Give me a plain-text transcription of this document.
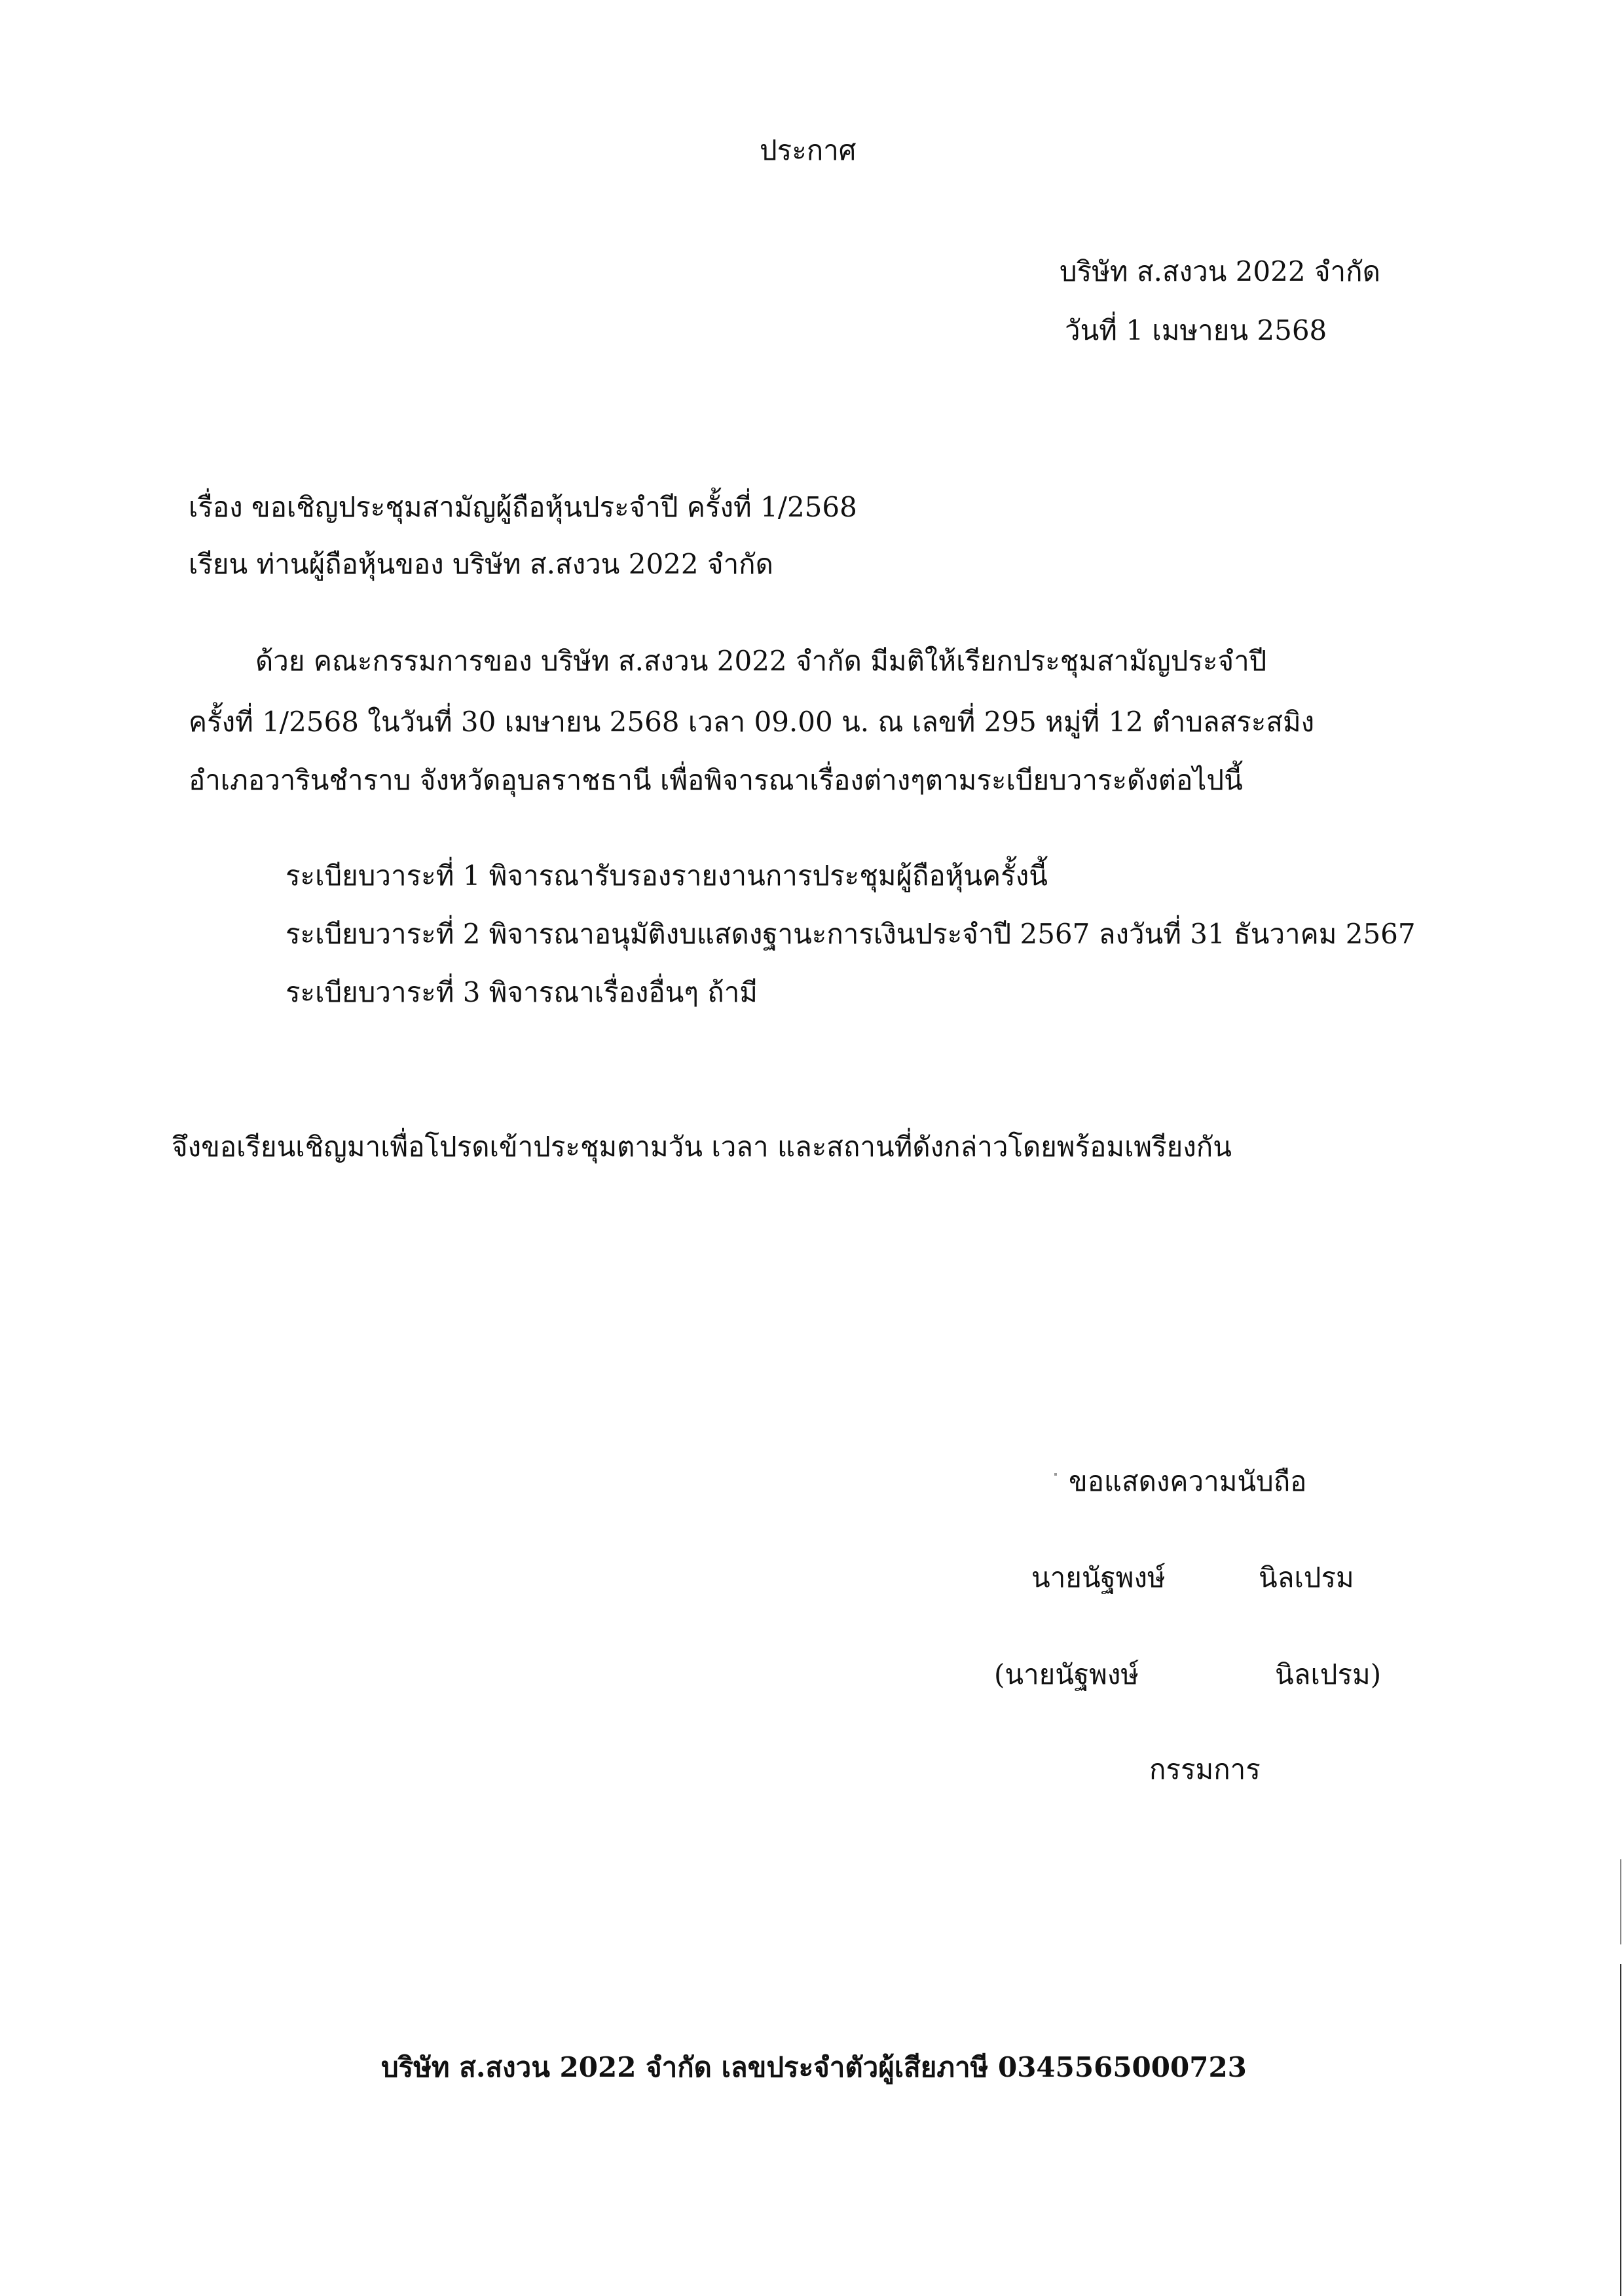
ประกาศ
บริษัท ส.สงวน 2022 จำกัด
วันที่ 1 เมษายน 2568
เรื่อง ขอเชิญประชุมสามัญผู้ถือหุ้นประจำปี ครั้งที่ 1/2568
เรียน ท่านผู้ถือหุ้นของ บริษัท ส.สงวน 2022 จำกัด
ด้วย คณะกรรมการของ บริษัท ส.สงวน 2022 จำกัด มีมติให้เรียกประชุมสามัญประจำปี
ครั้งที่ 1/2568 ในวันที่ 30 เมษายน 2568 เวลา 09.00 น. ณ เลขที่ 295 หมู่ที่ 12 ตำบลสระสมิง
อำเภอวารินชำราบ จังหวัดอุบลราชธานี เพื่อพิจารณาเรื่องต่างๆตามระเบียบวาระดังต่อไปนี้
ระเบียบวาระที่ 1 พิจารณารับรองรายงานการประชุมผู้ถือหุ้นครั้งนี้
ระเบียบวาระที่ 2 พิจารณาอนุมัติงบแสดงฐานะการเงินประจำปี 2567 ลงวันที่ 31 ธันวาคม 2567
ระเบียบวาระที่ 3 พิจารณาเรื่องอื่นๆ ถ้ามี
จึงขอเรียนเชิญมาเพื่อโปรดเข้าประชุมตามวัน เวลา และสถานที่ดังกล่าวโดยพร้อมเพรียงกัน
ขอแสดงความนับถือ
นายนัฐพงษ์	นิลเปรม
(นายนัฐพงษ์	นิลเปรม)
กรรมการ
บริษัท ส.สงวน 2022 จำกัด เลขประจำตัวผู้เสียภาษี 0345565000723
